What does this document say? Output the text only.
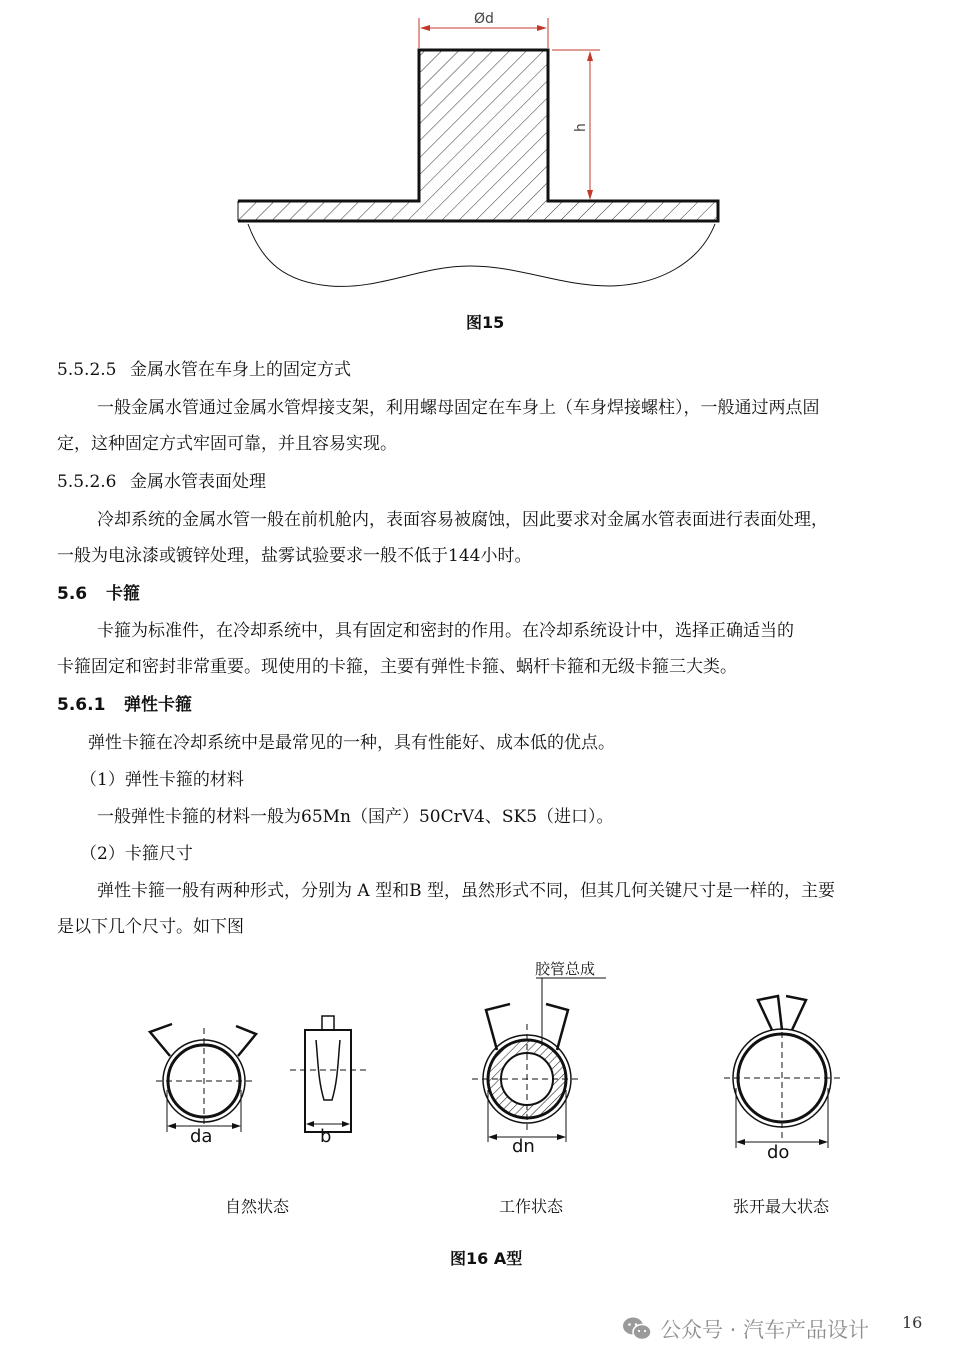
Ød
h
图15
5.5.2.5 金属水管在车身上的固定方式
一般金属水管通过金属水管焊接支架，利用螺母固定在车身上（车身焊接螺柱），一般通过两点固
定，这种固定方式牢固可靠，并且容易实现。
5.5.2.6 金属水管表面处理
冷却系统的金属水管一般在前机舱内，表面容易被腐蚀，因此要求对金属水管表面进行表面处理，
一般为电泳漆或镀锌处理，盐雾试验要求一般不低于144小时。
5.6 卡箍
卡箍为标准件，在冷却系统中，具有固定和密封的作用。在冷却系统设计中，选择正确适当的
卡箍固定和密封非常重要。现使用的卡箍，主要有弹性卡箍、蜗杆卡箍和无级卡箍三大类。
5.6.1 弹性卡箍
弹性卡箍在冷却系统中是最常见的一种，具有性能好、成本低的优点。
（1）弹性卡箍的材料
一般弹性卡箍的材料一般为65Mn（国产）50CrV4、SK5（进口）。
（2）卡箍尺寸
弹性卡箍一般有两种形式，分别为 A 型和B 型，虽然形式不同，但其几何关键尺寸是一样的，主要
是以下几个尺寸。如下图
da	b	dn
胶管总成
do
自然状态	工作状态	张开最大状态
图16 A型
公众号 · 汽车产品设计 16
